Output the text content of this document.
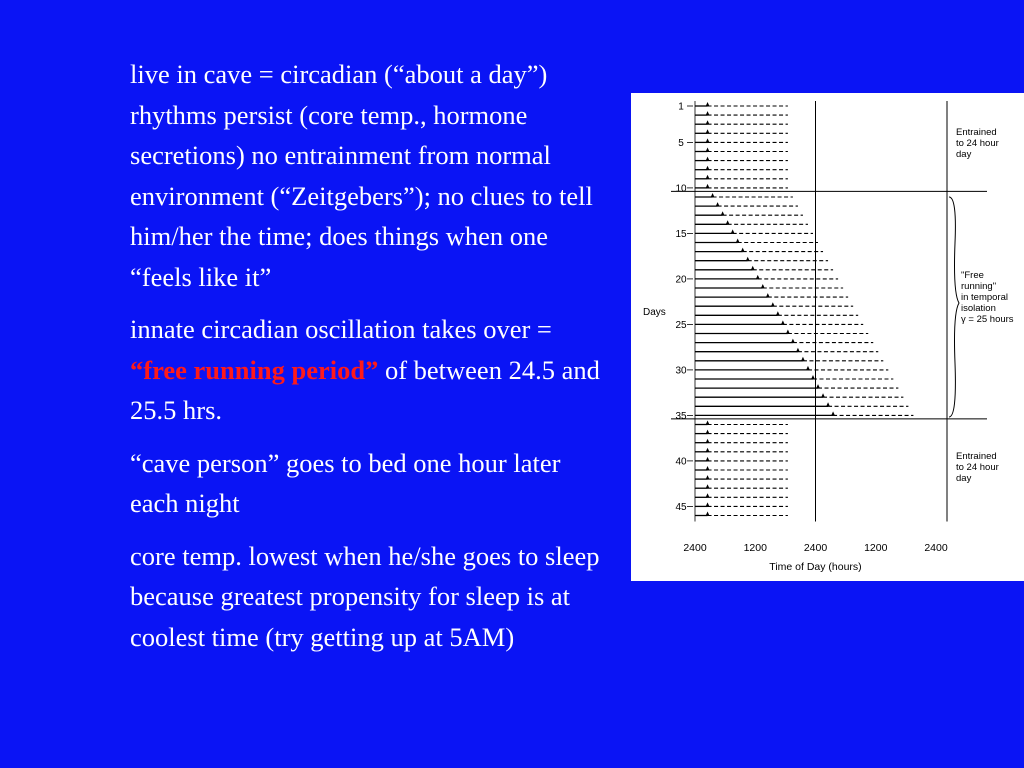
live in cave = circadian (“about a day”) rhythms persist (core temp., hormone secretions) no entrainment from normal environment (“Zeitgebers”); no clues to tell him/her the time; does things when one “feels like it”

innate circadian oscillation takes over = “free running period” of between 24.5 and 25.5 hrs.

“cave person” goes to bed one hour later each night

core temp. lowest when he/she goes to sleep because greatest propensity for sleep is at coolest time (try getting up at 5AM)

1
5
10
15
20
25
30
35
40
45
Days
2400	1200	2400	1200	2400
Time of Day (hours)
Entrained
to 24 hour
day
"Free
running"
in temporal
isolation
γ = 25 hours
Entrained
to 24 hour
day
